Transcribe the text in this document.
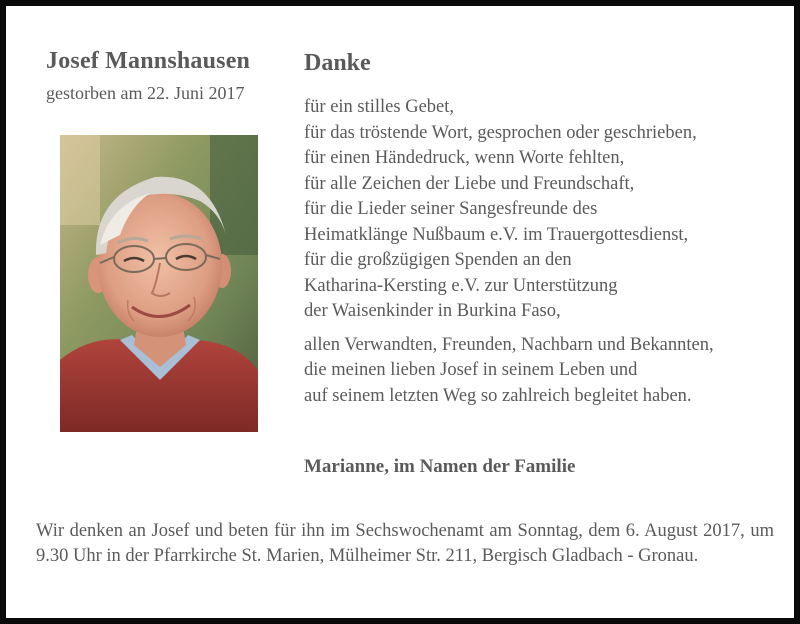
Josef Mannshausen
gestorben am 22. Juni 2017
Danke
für ein stilles Gebet,
für das tröstende Wort, gesprochen oder geschrieben,
für einen Händedruck, wenn Worte fehlten,
für alle Zeichen der Liebe und Freundschaft,
für die Lieder seiner Sangesfreunde des
Heimatklänge Nußbaum e.V. im Trauergottesdienst,
für die großzügigen Spenden an den
Katharina-Kersting e.V. zur Unterstützung
der Waisenkinder in Burkina Faso,
allen Verwandten, Freunden, Nachbarn und Bekannten,
die meinen lieben Josef in seinem Leben und
auf seinem letzten Weg so zahlreich begleitet haben.
Marianne, im Namen der Familie

Wir denken an Josef und beten für ihn im Sechswochenamt am Sonntag, dem 6. August 2017, um 9.30 Uhr in der Pfarrkirche St. Marien, Mülheimer Str. 211, Bergisch Gladbach - Gronau.
